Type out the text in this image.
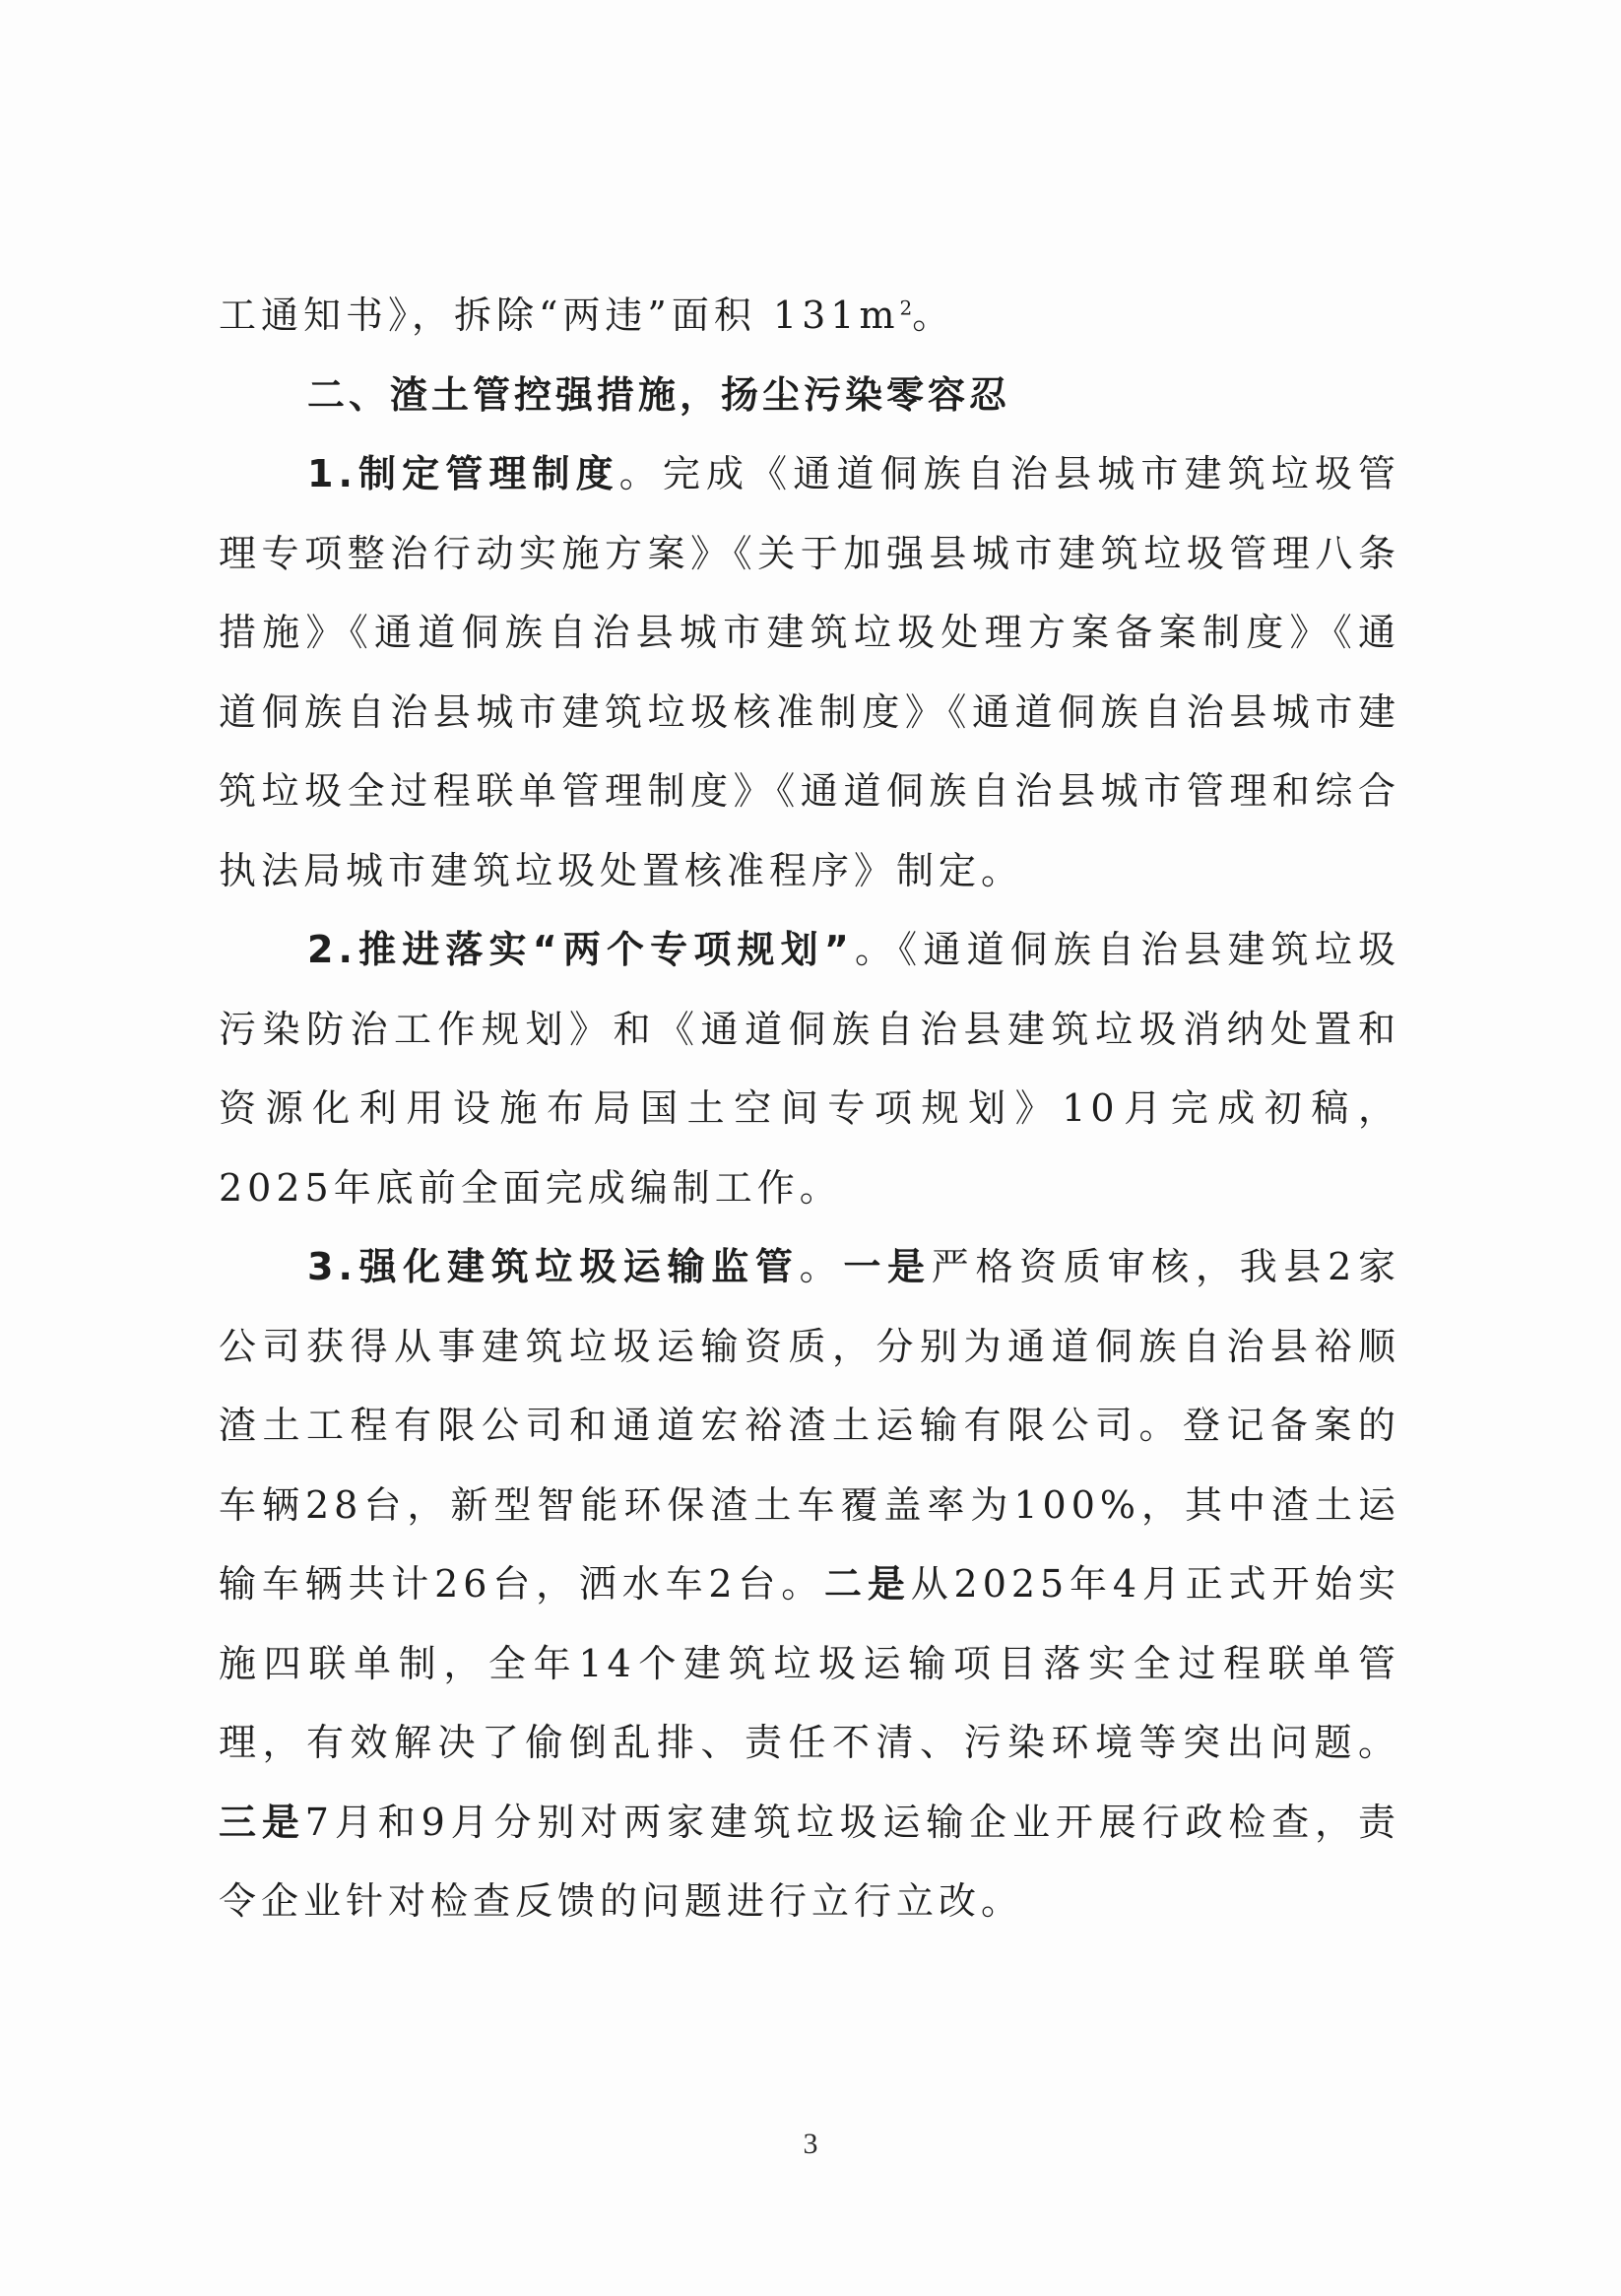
工通知书》，拆除“两违”面积 $131m^2$。

二、渣土管控强措施，扬尘污染零容忍

1.制定管理制度。完成《通道侗族自治县城市建筑垃圾管理专项整治行动实施方案》《关于加强县城市建筑垃圾管理八条措施》《通道侗族自治县城市建筑垃圾处理方案备案制度》《通道侗族自治县城市建筑垃圾核准制度》《通道侗族自治县城市建筑垃圾全过程联单管理制度》《通道侗族自治县城市管理和综合执法局城市建筑垃圾处置核准程序》制定。

2.推进落实“两个专项规划”。《通道侗族自治县建筑垃圾污染防治工作规划》和《通道侗族自治县建筑垃圾消纳处置和资源化利用设施布局国土空间专项规划》10月完成初稿，2025年底前全面完成编制工作。

3.强化建筑垃圾运输监管。一是严格资质审核，我县2家公司获得从事建筑垃圾运输资质，分别为通道侗族自治县裕顺渣土工程有限公司和通道宏裕渣土运输有限公司。登记备案的车辆28台，新型智能环保渣土车覆盖率为100%，其中渣土运输车辆共计26台，洒水车2台。二是从2025年4月正式开始实施四联单制，全年14个建筑垃圾运输项目落实全过程联单管理，有效解决了偷倒乱排、责任不清、污染环境等突出问题。三是7月和9月分别对两家建筑垃圾运输企业开展行政检查，责令企业针对检查反馈的问题进行立行立改。

3
